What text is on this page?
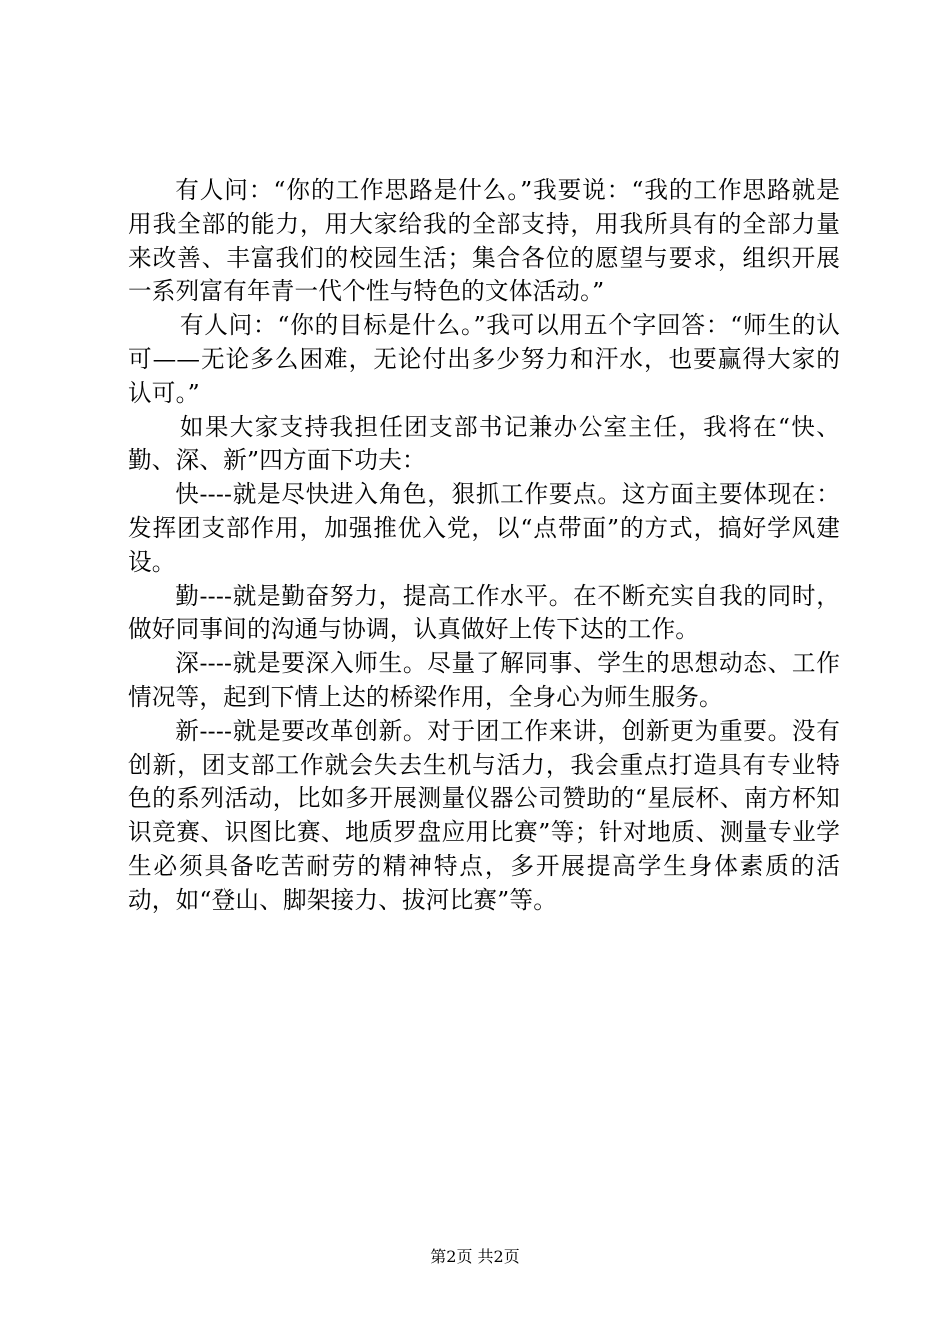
有人问：“你的工作思路是什么。”我要说：“我的工作思路就是用我全部的能力，用大家给我的全部支持，用我所具有的全部力量来改善、丰富我们的校园生活；集合各位的愿望与要求，组织开展一系列富有年青一代个性与特色的文体活动。”

有人问：“你的目标是什么。”我可以用五个字回答：“师生的认可——无论多么困难，无论付出多少努力和汗水，也要赢得大家的认可。”

如果大家支持我担任团支部书记兼办公室主任，我将在“快、勤、深、新”四方面下功夫：

快----就是尽快进入角色，狠抓工作要点。这方面主要体现在：发挥团支部作用，加强推优入党，以“点带面”的方式，搞好学风建设。

勤----就是勤奋努力，提高工作水平。在不断充实自我的同时，做好同事间的沟通与协调，认真做好上传下达的工作。

深----就是要深入师生。尽量了解同事、学生的思想动态、工作情况等，起到下情上达的桥梁作用，全身心为师生服务。

新----就是要改革创新。对于团工作来讲，创新更为重要。没有创新，团支部工作就会失去生机与活力，我会重点打造具有专业特色的系列活动，比如多开展测量仪器公司赞助的“星辰杯、南方杯知识竞赛、识图比赛、地质罗盘应用比赛”等；针对地质、测量专业学生必须具备吃苦耐劳的精神特点，多开展提高学生身体素质的活动，如“登山、脚架接力、拔河比赛”等。

第2页 共2页
